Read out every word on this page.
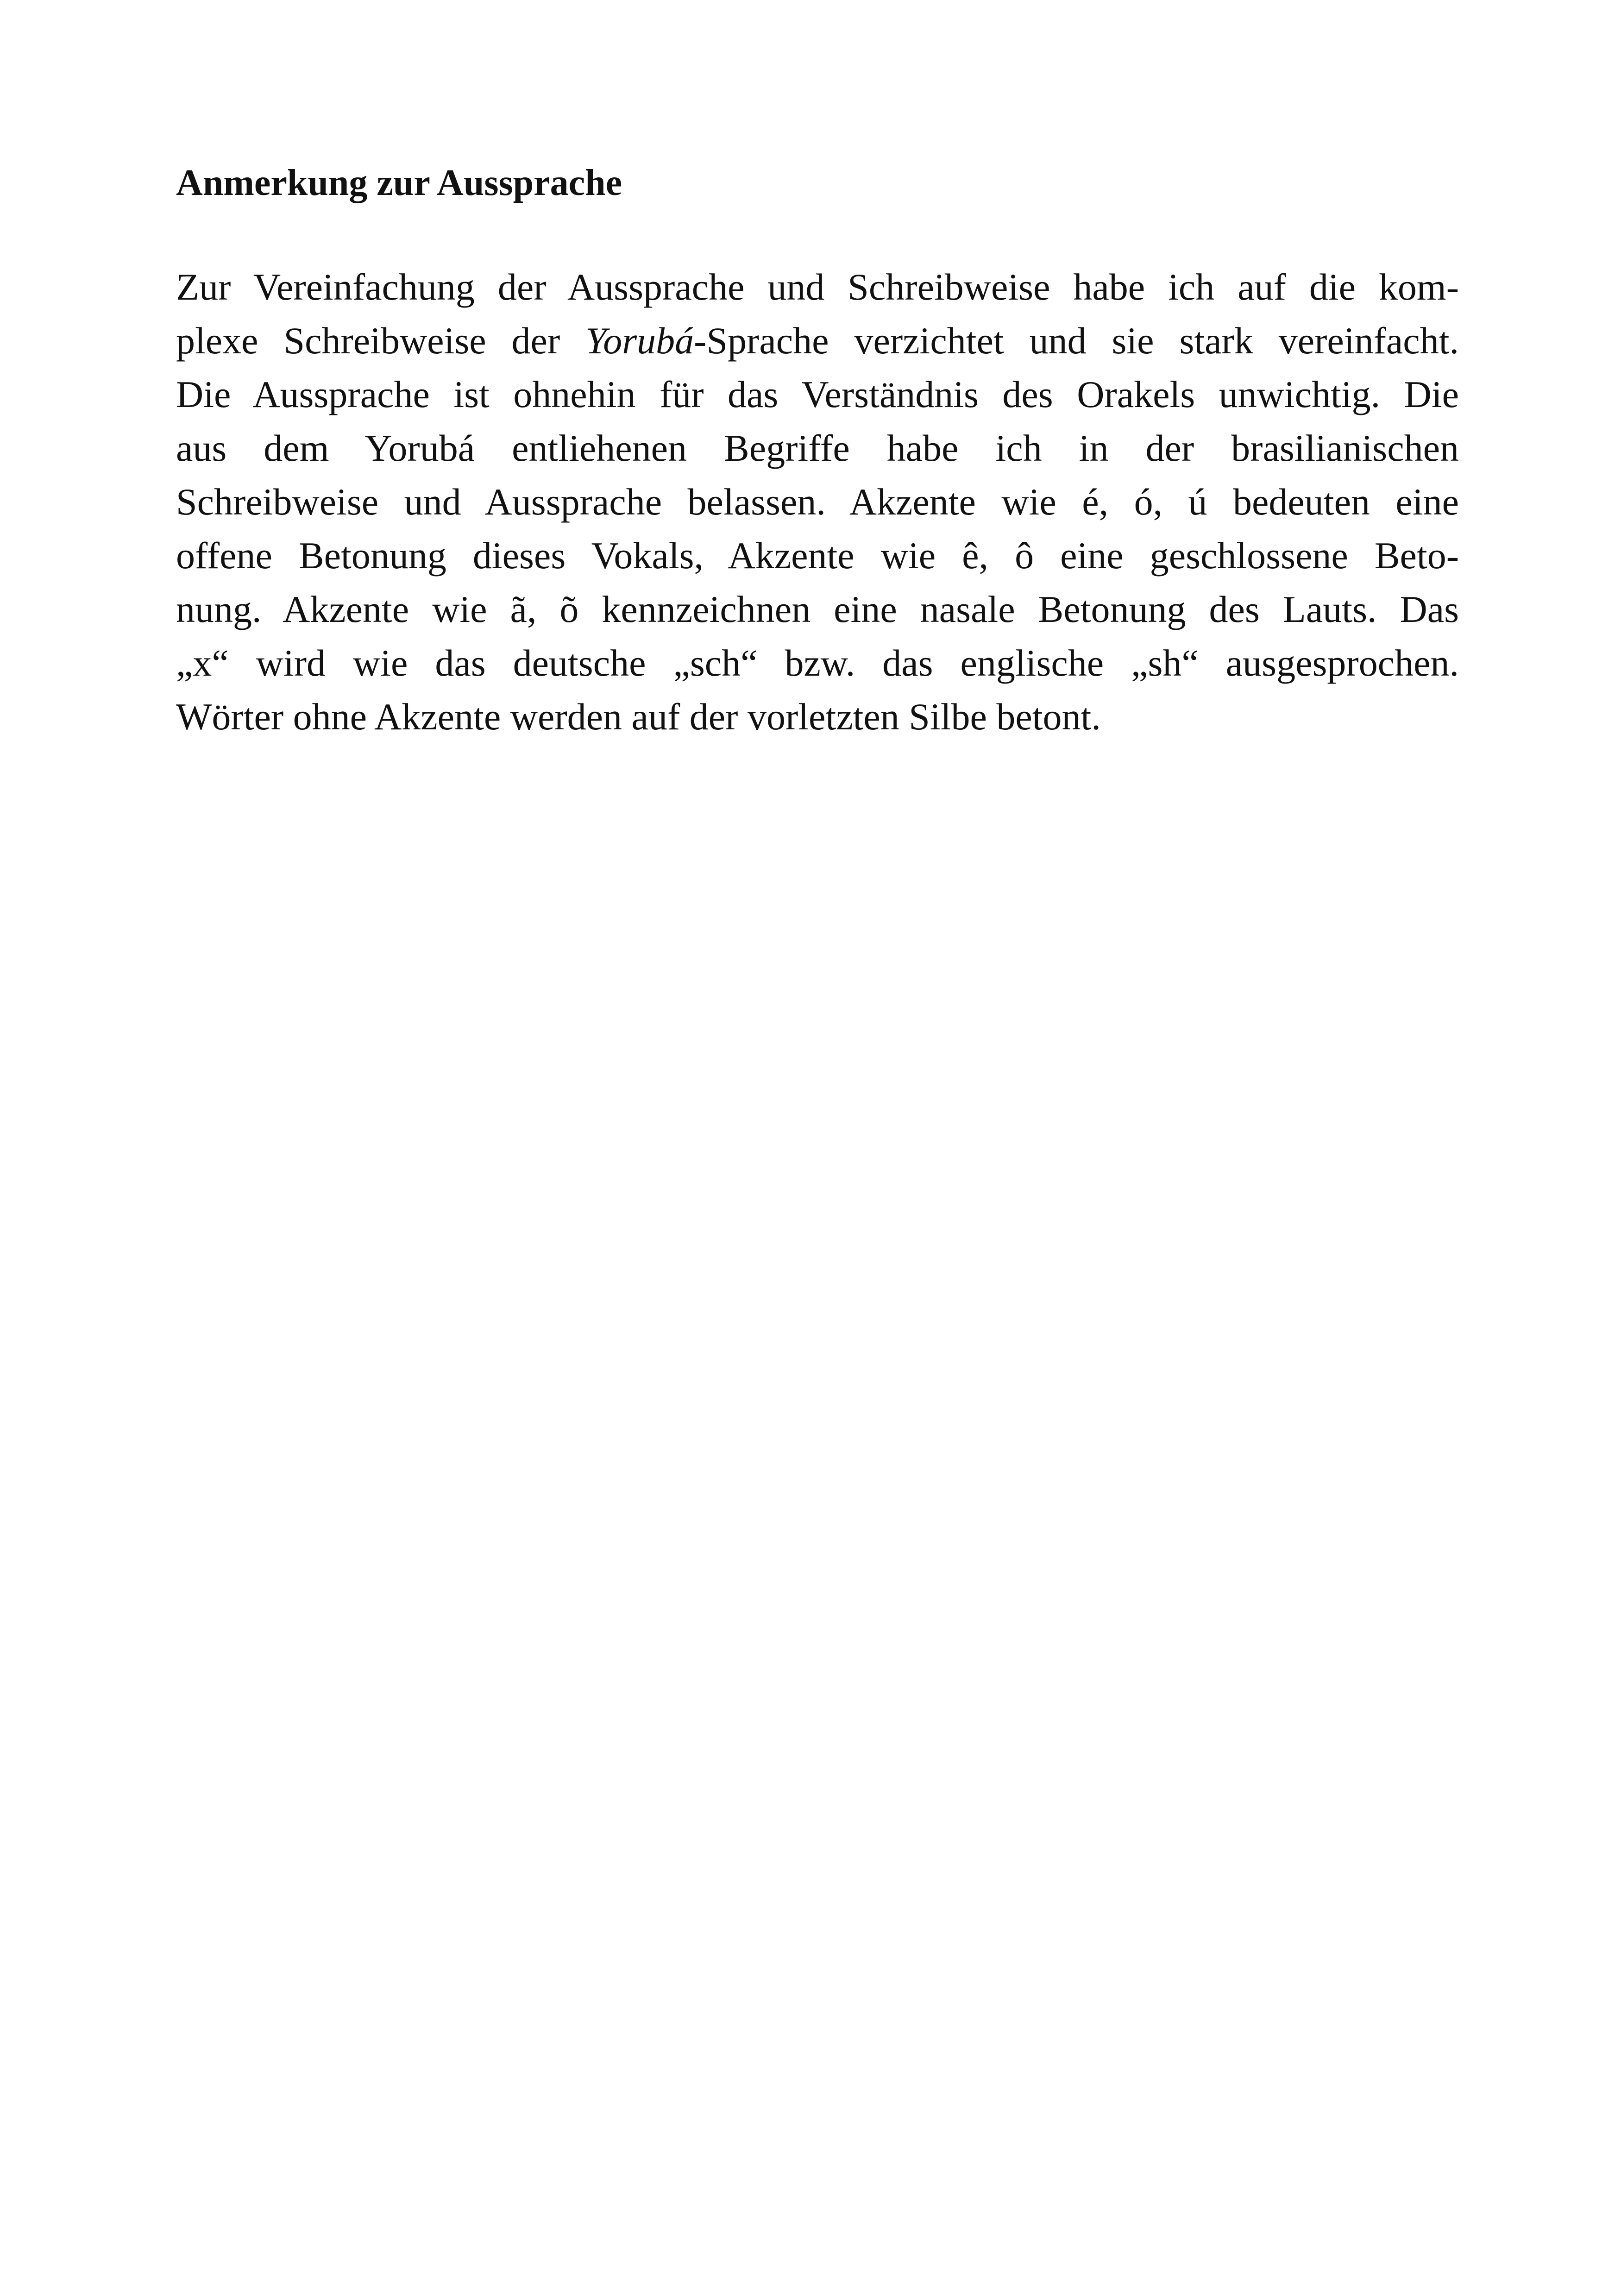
Anmerkung zur Aussprache
Zur Vereinfachung der Aussprache und Schreibweise habe ich auf die kom-
plexe Schreibweise der Yorubá-Sprache verzichtet und sie stark vereinfacht.
Die Aussprache ist ohnehin für das Verständnis des Orakels unwichtig. Die
aus dem Yorubá entliehenen Begriffe habe ich in der brasilianischen
Schreibweise und Aussprache belassen. Akzente wie é, ó, ú bedeuten eine
offene Betonung dieses Vokals, Akzente wie ê, ô eine geschlossene Beto-
nung. Akzente wie ã, õ kennzeichnen eine nasale Betonung des Lauts. Das
„x“ wird wie das deutsche „sch“ bzw. das englische „sh“ ausgesprochen.
Wörter ohne Akzente werden auf der vorletzten Silbe betont.
